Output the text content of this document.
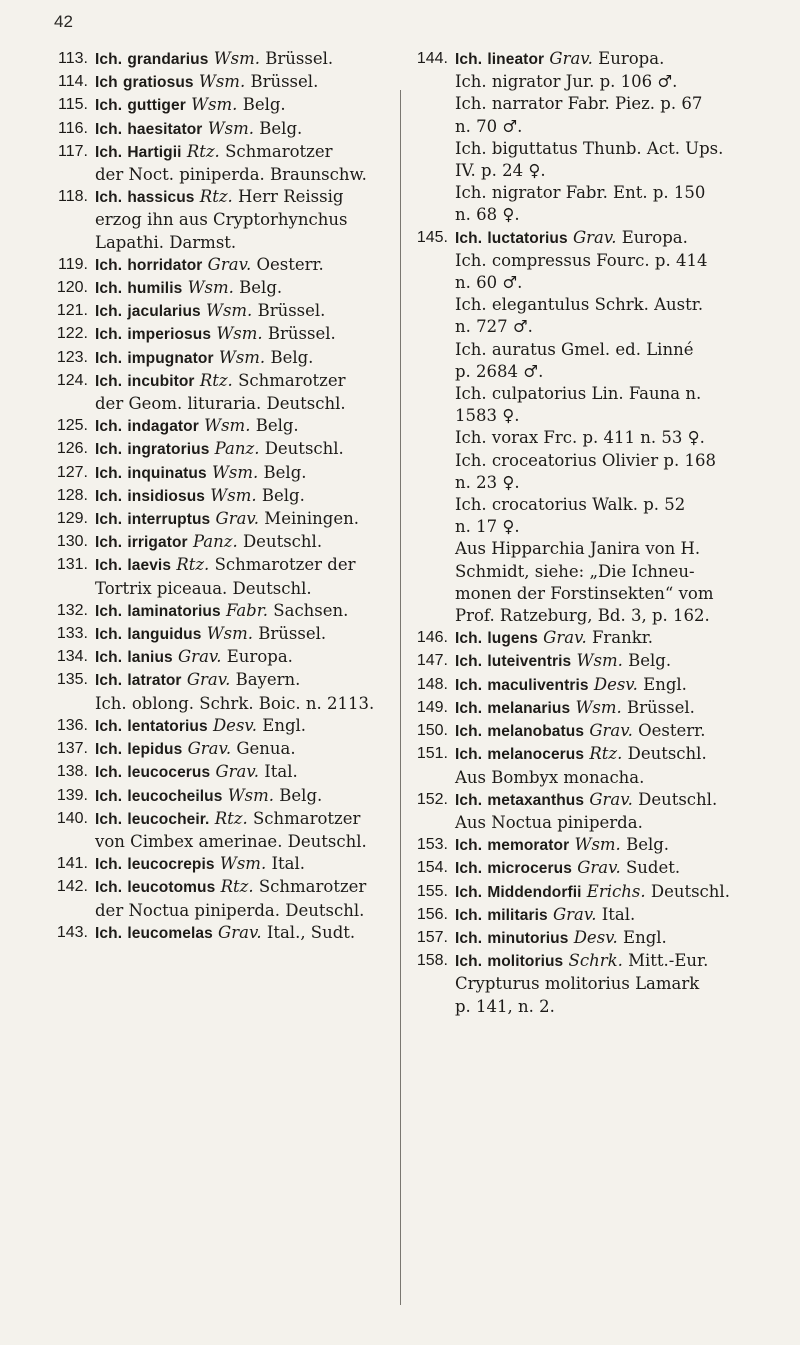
42
113. Ich. grandarius Wsm. Brüssel.
114. Ich gratiosus Wsm. Brüssel.
115. Ich. guttiger Wsm. Belg.
116. Ich. haesitator Wsm. Belg.
117. Ich. Hartigii Rtz. Schmarotzer
der Noct. piniperda. Braunschw.
118. Ich. hassicus Rtz. Herr Reissig
erzog ihn aus Cryptorhynchus
Lapathi. Darmst.
119. Ich. horridator Grav. Oesterr.
120. Ich. humilis Wsm. Belg.
121. Ich. jacularius Wsm. Brüssel.
122. Ich. imperiosus Wsm. Brüssel.
123. Ich. impugnator Wsm. Belg.
124. Ich. incubitor Rtz. Schmarotzer
der Geom. lituraria. Deutschl.
125. Ich. indagator Wsm. Belg.
126. Ich. ingratorius Panz. Deutschl.
127. Ich. inquinatus Wsm. Belg.
128. Ich. insidiosus Wsm. Belg.
129. Ich. interruptus Grav. Meiningen.
130. Ich. irrigator Panz. Deutschl.
131. Ich. laevis Rtz. Schmarotzer der
Tortrix piceaua. Deutschl.
132. Ich. laminatorius Fabr. Sachsen.
133. Ich. languidus Wsm. Brüssel.
134. Ich. lanius Grav. Europa.
135. Ich. latrator Grav. Bayern.
Ich. oblong. Schrk. Boic. n. 2113.
136. Ich. lentatorius Desv. Engl.
137. Ich. lepidus Grav. Genua.
138. Ich. leucocerus Grav. Ital.
139. Ich. leucocheilus Wsm. Belg.
140. Ich. leucocheir. Rtz. Schmarotzer
von Cimbex amerinae. Deutschl.
141. Ich. leucocrepis Wsm. Ital.
142. Ich. leucotomus Rtz. Schmarotzer
der Noctua piniperda. Deutschl.
143. Ich. leucomelas Grav. Ital., Sudt.
144. Ich. lineator Grav. Europa.
Ich. nigrator Jur. p. 106 ♂.
Ich. narrator Fabr. Piez. p. 67
n. 70 ♂.
Ich. biguttatus Thunb. Act. Ups.
IV. p. 24 ♀.
Ich. nigrator Fabr. Ent. p. 150
n. 68 ♀.
145. Ich. luctatorius Grav. Europa.
Ich. compressus Fourc. p. 414
n. 60 ♂.
Ich. elegantulus Schrk. Austr.
n. 727 ♂.
Ich. auratus Gmel. ed. Linné
p. 2684 ♂.
Ich. culpatorius Lin. Fauna n.
1583 ♀.
Ich. vorax Frc. p. 411 n. 53 ♀.
Ich. croceatorius Olivier p. 168
n. 23 ♀.
Ich. crocatorius Walk. p. 52
n. 17 ♀.
Aus Hipparchia Janira von H.
Schmidt, siehe: „Die Ichneu-
monen der Forstinsekten“ vom
Prof. Ratzeburg, Bd. 3, p. 162.
146. Ich. lugens Grav. Frankr.
147. Ich. luteiventris Wsm. Belg.
148. Ich. maculiventris Desv. Engl.
149. Ich. melanarius Wsm. Brüssel.
150. Ich. melanobatus Grav. Oesterr.
151. Ich. melanocerus Rtz. Deutschl.
Aus Bombyx monacha.
152. Ich. metaxanthus Grav. Deutschl.
Aus Noctua piniperda.
153. Ich. memorator Wsm. Belg.
154. Ich. microcerus Grav. Sudet.
155. Ich. Middendorfii Erichs. Deutschl.
156. Ich. militaris Grav. Ital.
157. Ich. minutorius Desv. Engl.
158. Ich. molitorius Schrk. Mitt.-Eur.
Crypturus molitorius Lamark
p. 141, n. 2.
